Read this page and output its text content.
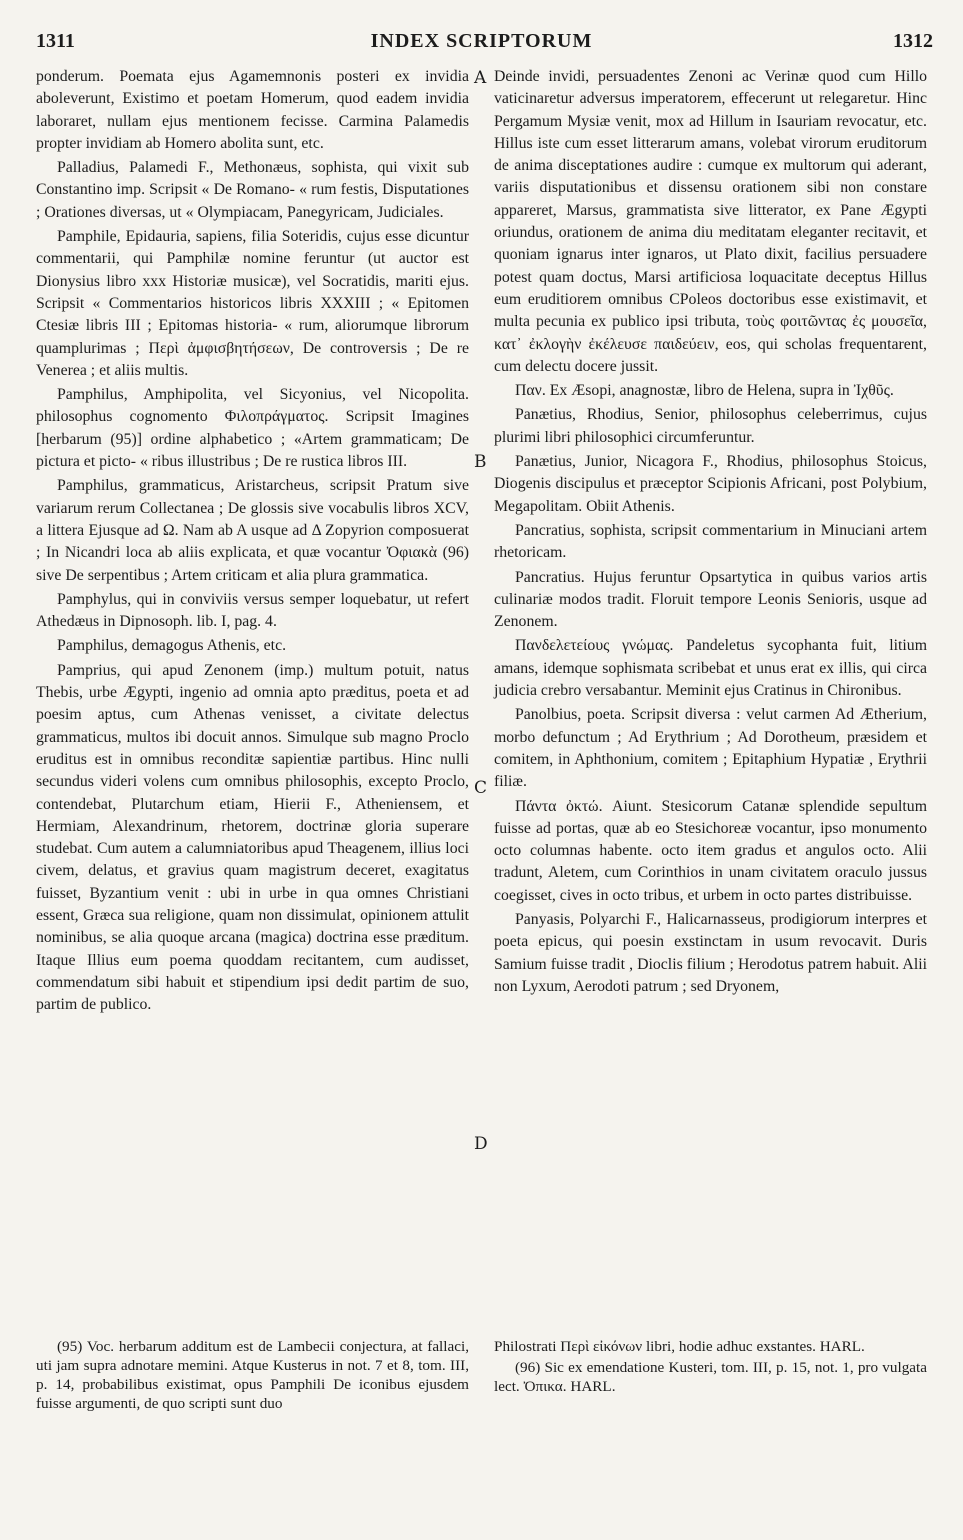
1311	INDEX SCRIPTORUM	1312
A
B
C
D

ponderum. Poemata ejus Agamemnonis posteri ex invidia aboleverunt, Existimo et poetam Homerum, quod eadem invidia laboraret, nullam ejus mentionem fecisse. Carmina Palamedis propter invidiam ab Homero abolita sunt, etc.

Palladius, Palamedi F., Methonæus, sophista, qui vixit sub Constantino imp. Scripsit « De Romano- « rum festis, Disputationes ; Orationes diversas, ut « Olympiacam, Panegyricam, Judiciales.

Pamphile, Epidauria, sapiens, filia Soteridis, cujus esse dicuntur commentarii, qui Pamphilæ nomine feruntur (ut auctor est Dionysius libro xxx Historiæ musicæ), vel Socratidis, mariti ejus. Scripsit « Commentarios historicos libris XXXIII ; « Epitomen Ctesiæ libris III ; Epitomas historia- « rum, aliorumque librorum quamplurimas ; Περὶ ἀμφισβητήσεων, De controversis ; De re Venerea ; et aliis multis.

Pamphilus, Amphipolita, vel Sicyonius, vel Nicopolita. philosophus cognomento Φιλοπράγματος. Scripsit Imagines [herbarum (95)] ordine alphabetico ; «Artem grammaticam; De pictura et picto- « ribus illustribus ; De re rustica libros III.

Pamphilus, grammaticus, Aristarcheus, scripsit Pratum sive variarum rerum Collectanea ; De glossis sive vocabulis libros XCV, a littera Ejusque ad Ω. Nam ab A usque ad Δ Zopyrion composuerat ; In Nicandri loca ab aliis explicata, et quæ vocantur Ὀφιακὰ (96) sive De serpentibus ; Artem criticam et alia plura grammatica.

Pamphylus, qui in conviviis versus semper loquebatur, ut refert Athedæus in Dipnosoph. lib. I, pag. 4.

Pamphilus, demagogus Athenis, etc.

Pamprius, qui apud Zenonem (imp.) multum potuit, natus Thebis, urbe Ægypti, ingenio ad omnia apto præditus, poeta et ad poesim aptus, cum Athenas venisset, a civitate delectus grammaticus, multos ibi docuit annos. Simulque sub magno Proclo eruditus est in omnibus reconditæ sapientiæ partibus. Hinc nulli secundus videri volens cum omnibus philosophis, excepto Proclo, contendebat, Plutarchum etiam, Hierii F., Atheniensem, et Hermiam, Alexandrinum, rhetorem, doctrinæ gloria superare studebat. Cum autem a calumniatoribus apud Theagenem, illius loci civem, delatus, et gravius quam magistrum deceret, exagitatus fuisset, Byzantium venit : ubi in urbe in qua omnes Christiani essent, Græca sua religione, quam non dissimulat, opinionem attulit nominibus, se alia quoque arcana (magica) doctrina esse præditum. Itaque Illius eum poema quoddam recitantem, cum audisset, commendatum sibi habuit et stipendium ipsi dedit partim de suo, partim de publico.

Deinde invidi, persuadentes Zenoni ac Verinæ quod cum Hillo vaticinaretur adversus imperatorem, effecerunt ut relegaretur. Hinc Pergamum Mysiæ venit, mox ad Hillum in Isauriam revocatur, etc. Hillus iste cum esset litterarum amans, volebat virorum eruditorum de anima disceptationes audire : cumque ex multorum qui aderant, variis disputationibus et dissensu orationem sibi non constare appareret, Marsus, grammatista sive litterator, ex Pane Ægypti oriundus, orationem de anima diu meditatam eleganter recitavit, et quoniam ignarus inter ignaros, ut Plato dixit, facilius persuadere potest quam doctus, Marsi artificiosa loquacitate deceptus Hillus eum eruditiorem omnibus CPoleos doctoribus esse existimavit, et multa pecunia ex publico ipsi tributa, τοὺς φοιτῶντας ἐς μουσεῖα, κατ᾽ ἐκλογὴν ἐκέλευσε παιδεύειν, eos, qui scholas frequentarent, cum delectu docere jussit.

Παν. Ex Æsopi, anagnostæ, libro de Helena, supra in Ἰχθῦς.

Panætius, Rhodius, Senior, philosophus celeberrimus, cujus plurimi libri philosophici circumferuntur.

Panætius, Junior, Nicagora F., Rhodius, philosophus Stoicus, Diogenis discipulus et præceptor Scipionis Africani, post Polybium, Megapolitam. Obiit Athenis.

Pancratius, sophista, scripsit commentarium in Minuciani artem rhetoricam.

Pancratius. Hujus feruntur Opsartytica in quibus varios artis culinariæ modos tradit. Floruit tempore Leonis Senioris, usque ad Zenonem.

Πανδελετείους γνώμας. Pandeletus sycophanta fuit, litium amans, idemque sophismata scribebat et unus erat ex illis, qui circa judicia crebro versabantur. Meminit ejus Cratinus in Chironibus.

Panolbius, poeta. Scripsit diversa : velut carmen Ad Ætherium, morbo defunctum ; Ad Erythrium ; Ad Dorotheum, præsidem et comitem, in Aphthonium, comitem ; Epitaphium Hypatiæ , Erythrii filiæ.

Πάντα ὀκτώ. Aiunt. Stesicorum Catanæ splendide sepultum fuisse ad portas, quæ ab eo Stesichoreæ vocantur, ipso monumento octo columnas habente. octo item gradus et angulos octo. Alii tradunt, Aletem, cum Corinthios in unam civitatem oraculo jussus coegisset, cives in octo tribus, et urbem in octo partes distribuisse.

Panyasis, Polyarchi F., Halicarnasseus, prodigiorum interpres et poeta epicus, qui poesin exstinctam in usum revocavit. Duris Samium fuisse tradit , Dioclis filium ; Herodotus patrem habuit. Alii non Lyxum, Aerodoti patrum ; sed Dryonem,

(95) Voc. herbarum additum est de Lambecii conjectura, at fallaci, uti jam supra adnotare memini. Atque Kusterus in not. 7 et 8, tom. III, p. 14, probabilibus existimat, opus Pamphili De iconibus ejusdem fuisse argumenti, de quo scripti sunt duo

Philostrati Περὶ εἰκόνων libri, hodie adhuc exstantes. HARL.

(96) Sic ex emendatione Kusteri, tom. III, p. 15, not. 1, pro vulgata lect. Ὀπικα. HARL.
